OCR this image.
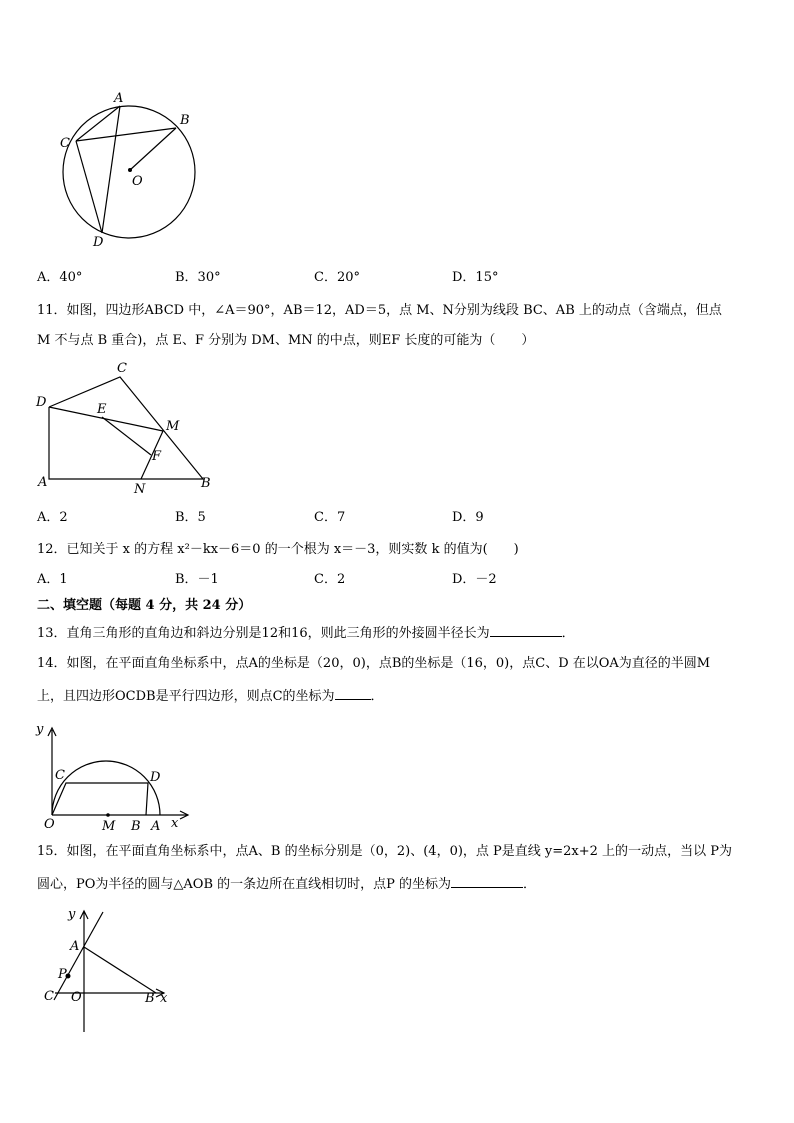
A
B
C
D
O
A．40°	B．30°	C．20°	D．15°
11．如图，四边形ABCD 中，∠A＝90°，AB＝12，AD＝5，点 M、N分别为线段 BC、AB 上的动点（含端点，但点
M 不与点 B 重合)，点 E、F 分别为 DM、MN 的中点，则EF 长度的可能为（　　）
D
C
E
M
F
A	N	B
A．2	B．5	C．7	D．9
12．已知关于 x 的方程 x²－kx－6＝0 的一个根为 x＝－3，则实数 k 的值为(　　)
A．1	B．－1	C．2	D．－2
二、填空题（每题 4 分，共 24 分）
13．直角三角形的直角边和斜边分别是12和16，则此三角形的外接圆半径长为	．
14．如图，在平面直角坐标系中，点A的坐标是（20，0)，点B的坐标是（16，0)，点C、D 在以OA为直径的半圆M
上，且四边形OCDB是平行四边形，则点C的坐标为	．
y
C	D
O	M B A x
15．如图，在平面直角坐标系中，点A、B 的坐标分别是（0，2)、(4，0)，点 P是直线 y=2x+2 上的一动点，当以 P为
圆心，PO为半径的圆与△AOB 的一条边所在直线相切时，点P 的坐标为	．
y
A
P
C O	B x
